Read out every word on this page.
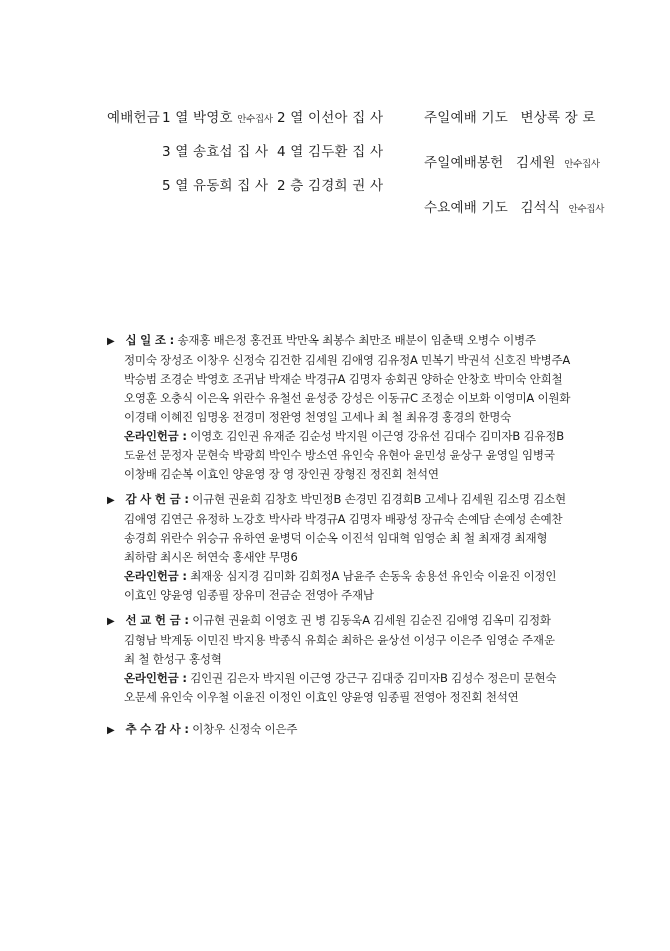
예배헌금 1 열 박영호 안수집사 2 열 이선아 집 사
3 열 송효섭 집 사 4 열 김두환 집 사
5 열 유동희 집 사 2 층 김경희 권 사
주일예배 기도 변상록 장 로
주일예배봉헌 김세원 안수집사
수요예배 기도 김석식 안수집사
▶ 십 일 조 : 송재홍 배은정 홍건표 박만옥 최봉수 최만조 배분이 임춘택 오병수 이병주
정미숙 장성조 이창우 신정숙 김건한 김세원 김애영 김유정A 민복기 박권석 신호진 박병주A
박승범 조경순 박영호 조귀남 박재순 박경규A 김명자 송회권 양하순 안창호 박미숙 안희철
오영훈 오충식 이은옥 위란수 유철선 윤성중 강성은 이동규C 조정순 이보화 이영미A 이원화
이경태 이혜진 임명옹 전경미 정완영 천영일 고세나 최 철 최유경 홍경의 한명숙
온라인헌금 : 이영호 김인권 유재준 김순성 박지원 이근영 강유선 김대수 김미자B 김유정B
도윤선 문정자 문현숙 박광희 박인수 방소연 유인숙 유현아 윤민성 윤상구 윤영일 임병국
이창배 김순복 이효인 양윤영 장 영 장인권 장형진 정진회 천석연
▶ 감 사 헌 금 : 이규현 권윤희 김창호 박민정B 손경민 김경희B 고세나 김세원 김소명 김소현
김애영 김연근 유정하 노강호 박사라 박경규A 김명자 배광성 장규숙 손예담 손예성 손예찬
송경희 위란수 위승규 유하연 윤병덕 이순옥 이진석 임대혁 임영순 최 철 최재경 최재형
최하람 최시온 허연숙 홍새얀 무명6
온라인헌금 : 최재웅 심지경 김미화 김희정A 남윤주 손동욱 송용선 유인숙 이윤진 이정인
이효인 양윤영 임종필 장유미 전금순 전영아 주재남
▶ 선 교 헌 금 : 이규현 권윤희 이영호 권 병 김동욱A 김세원 김순진 김애영 김옥미 김정화
김형남 박계동 이민진 박지용 박종식 유희순 최하은 윤상선 이성구 이은주 임영순 주재운
최 철 한성구 홍성혁
온라인헌금 : 김인권 김은자 박지원 이근영 강근구 김대중 김미자B 김성수 정은미 문현숙
오문세 유인숙 이우철 이윤진 이정인 이효인 양윤영 임종필 전영아 정진회 천석연
▶ 추 수 감 사 : 이창우 신정숙 이은주
